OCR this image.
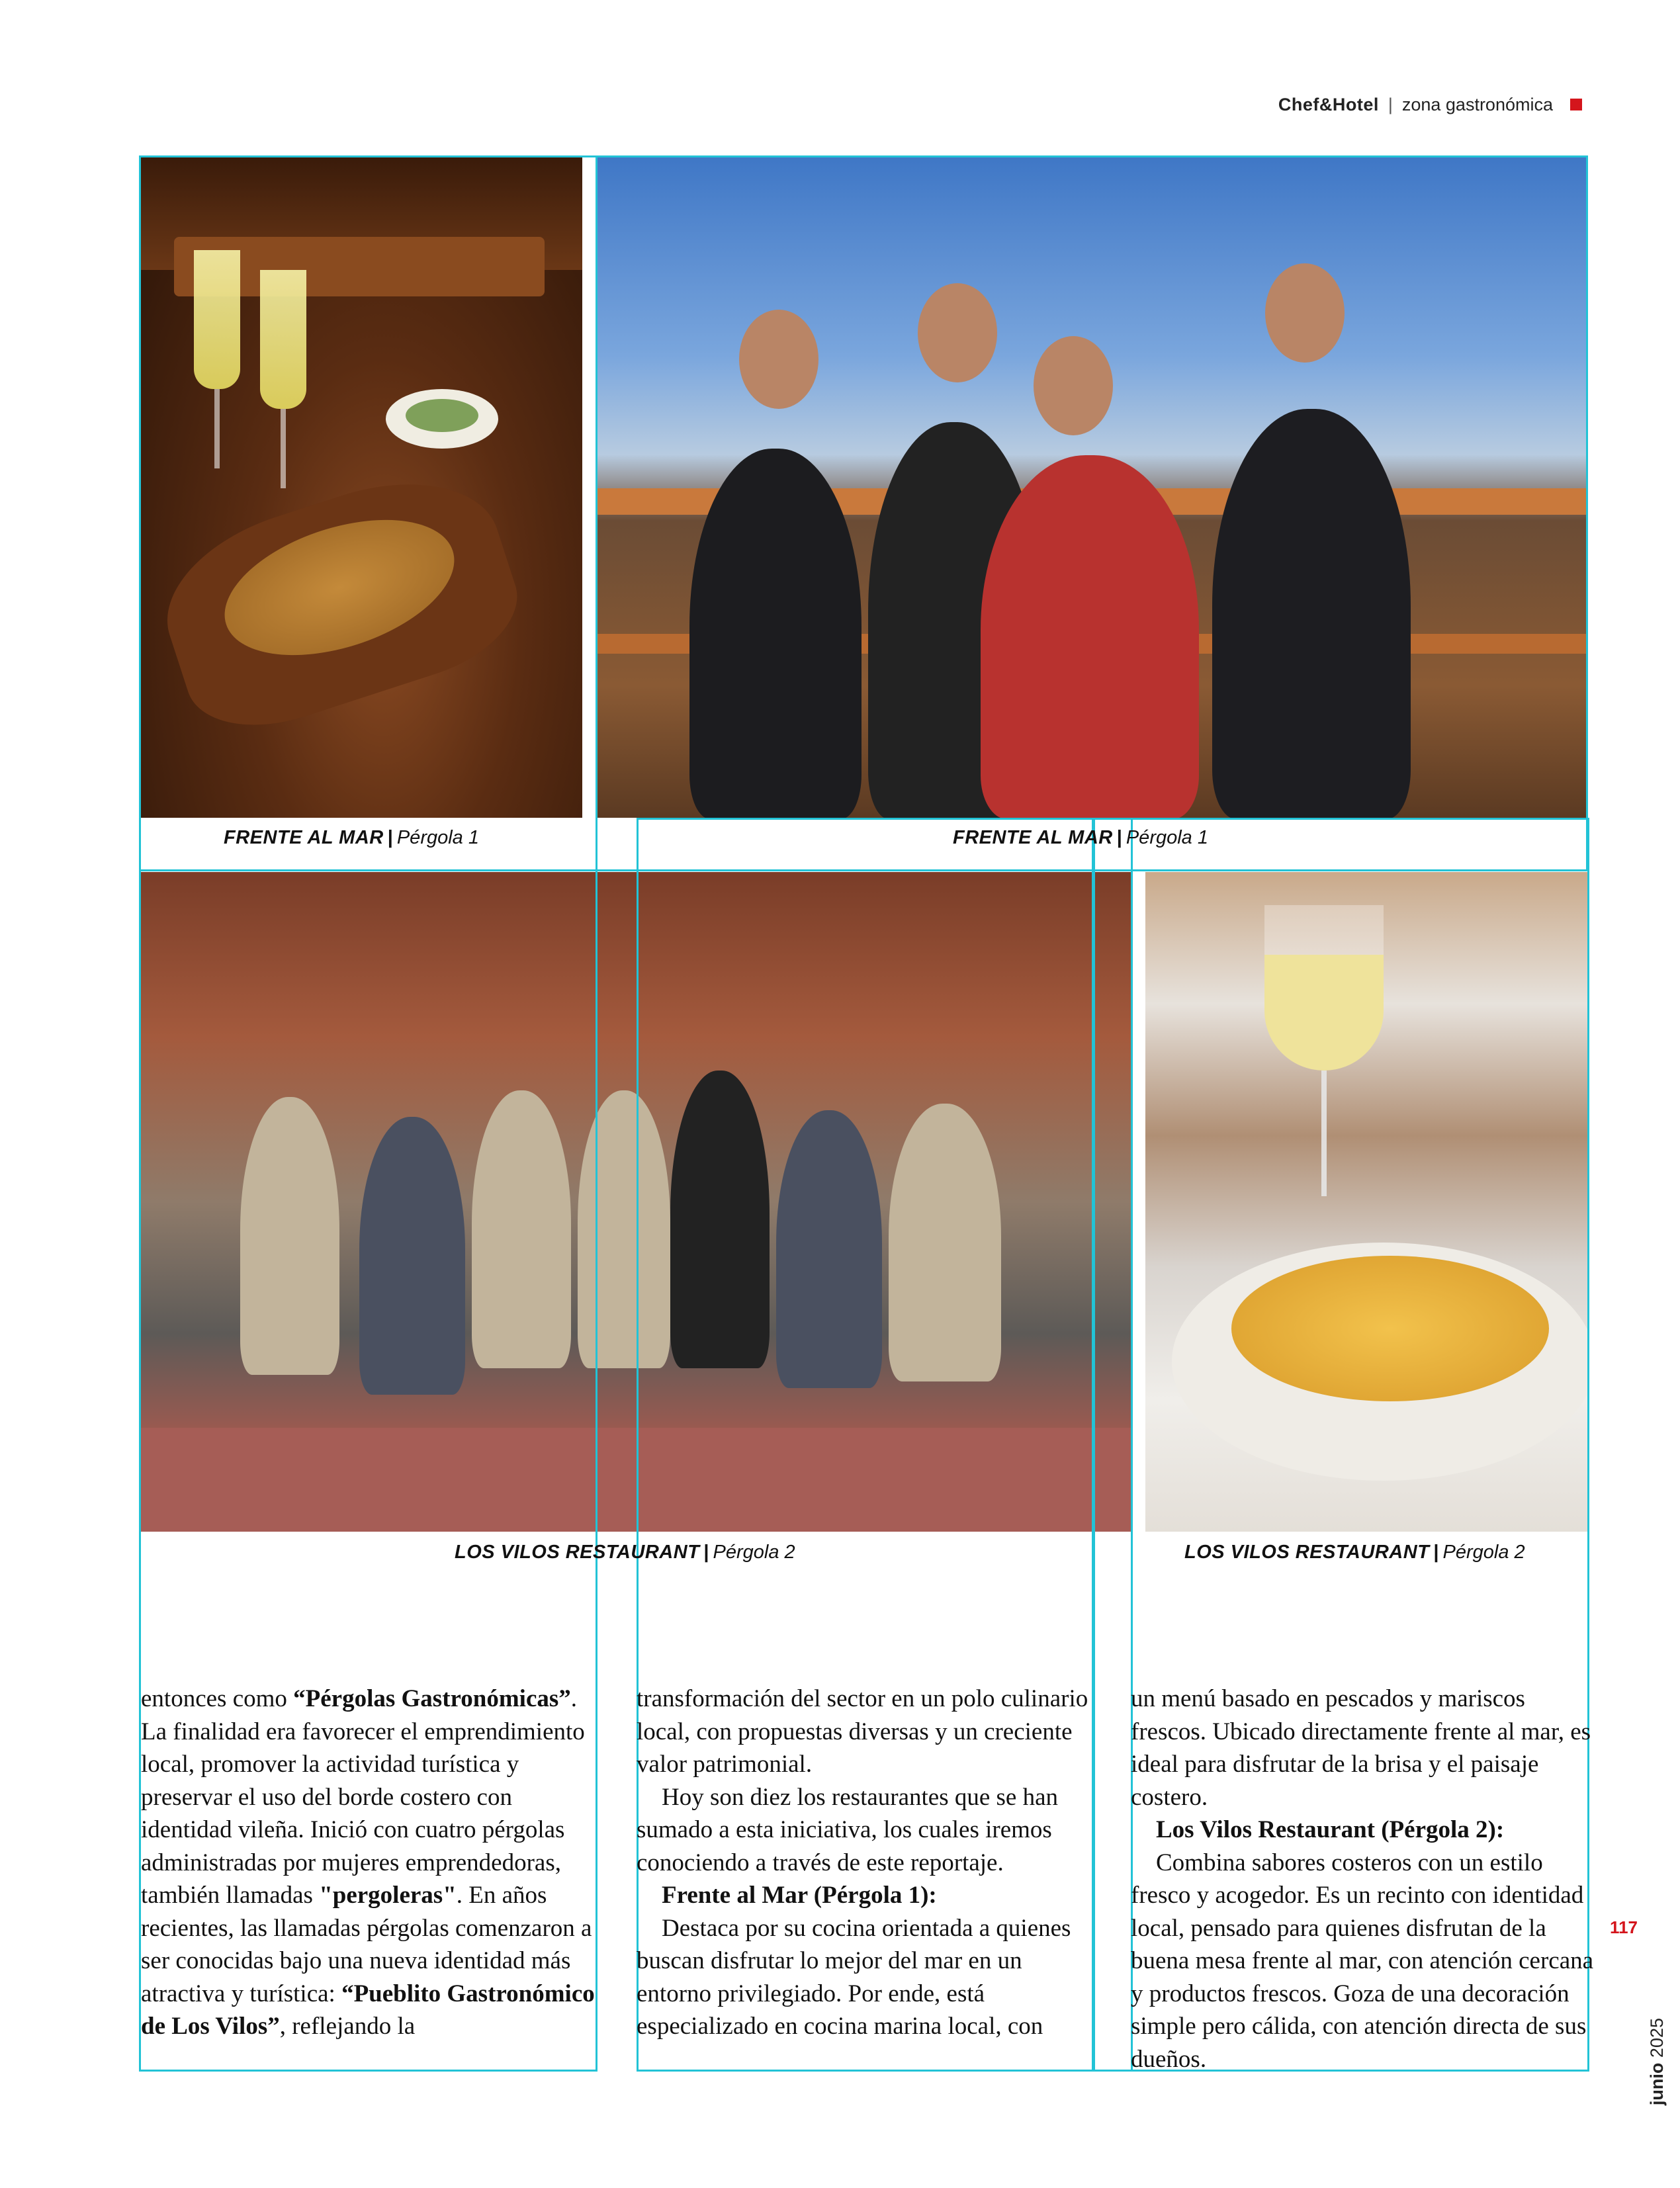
Chef&Hotel | zona gastronómica
FRENTE AL MAR | Pérgola 1	FRENTE AL MAR | Pérgola 1
LOS VILOS RESTAURANT | Pérgola 2	LOS VILOS RESTAURANT | Pérgola 2

entonces como “Pérgolas Gastronómicas”. La finalidad era favorecer el emprendimiento local, promover la actividad turística y preservar el uso del borde costero con identidad vileña. Inició con cuatro pérgolas administradas por mujeres emprendedoras, también llamadas "pergoleras". En años recientes, las llamadas pérgolas comenzaron a ser conocidas bajo una nueva identidad más atractiva y turística: “Pueblito Gastronómico de Los Vilos”, reflejando la

transformación del sector en un polo culinario local, con propuestas diversas y un creciente valor patrimonial.

Hoy son diez los restaurantes que se han sumado a esta iniciativa, los cuales iremos conociendo a través de este reportaje.

Frente al Mar (Pérgola 1):

Destaca por su cocina orientada a quienes buscan disfrutar lo mejor del mar en un entorno privilegiado. Por ende, está especializado en cocina marina local, con

un menú basado en pescados y mariscos frescos. Ubicado directamente frente al mar, es ideal para disfrutar de la brisa y el paisaje costero.

Los Vilos Restaurant (Pérgola 2):

Combina sabores costeros con un estilo fresco y acogedor. Es un recinto con identidad local, pensado para quienes disfrutan de la buena mesa frente al mar, con atención cercana y productos frescos. Goza de una decoración simple pero cálida, con atención directa de sus dueños.

117
junio 2025
